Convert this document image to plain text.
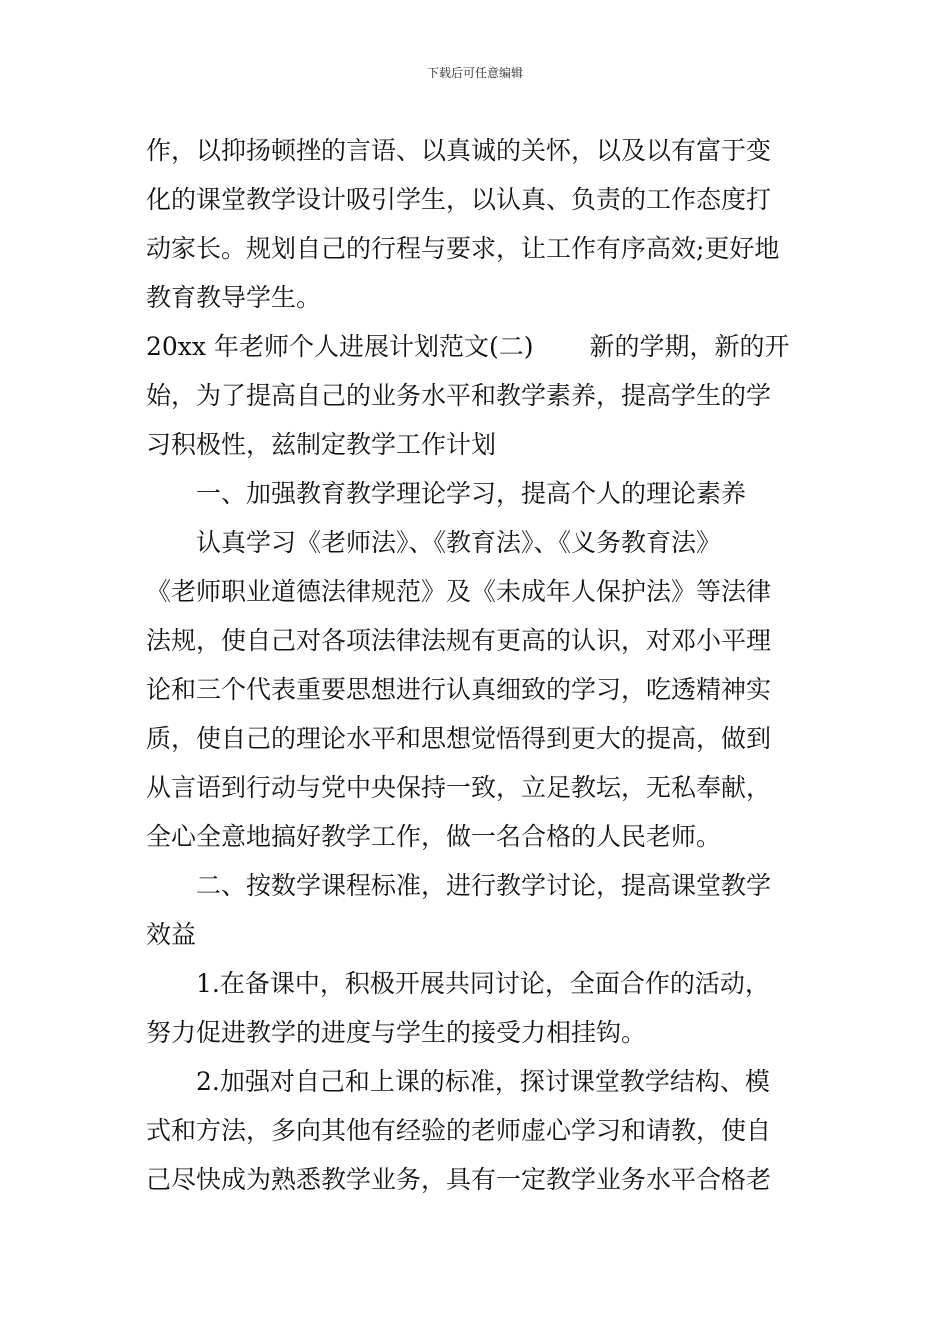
下载后可任意编辑
作，以抑扬顿挫的言语、以真诚的关怀，以及以有富于变
化的课堂教学设计吸引学生，以认真、负责的工作态度打
动家长。规划自己的行程与要求，让工作有序高效;更好地
教育教导学生。
20xx 年老师个人进展计划范文(二) 新的学期，新的开
始，为了提高自己的业务水平和教学素养，提高学生的学
习积极性，兹制定教学工作计划
　　一、加强教育教学理论学习，提高个人的理论素养
　　认真学习《老师法》、《教育法》、《义务教育法》
《老师职业道德法律规范》及《未成年人保护法》等法律
法规，使自己对各项法律法规有更高的认识，对邓小平理
论和三个代表重要思想进行认真细致的学习，吃透精神实
质，使自己的理论水平和思想觉悟得到更大的提高，做到
从言语到行动与党中央保持一致，立足教坛，无私奉献，
全心全意地搞好教学工作，做一名合格的人民老师。
　　二、按数学课程标准，进行教学讨论，提高课堂教学
效益
　　1.在备课中，积极开展共同讨论，全面合作的活动，
努力促进教学的进度与学生的接受力相挂钩。
　　2.加强对自己和上课的标准，探讨课堂教学结构、模
式和方法，多向其他有经验的老师虚心学习和请教，使自
己尽快成为熟悉教学业务，具有一定教学业务水平合格老
